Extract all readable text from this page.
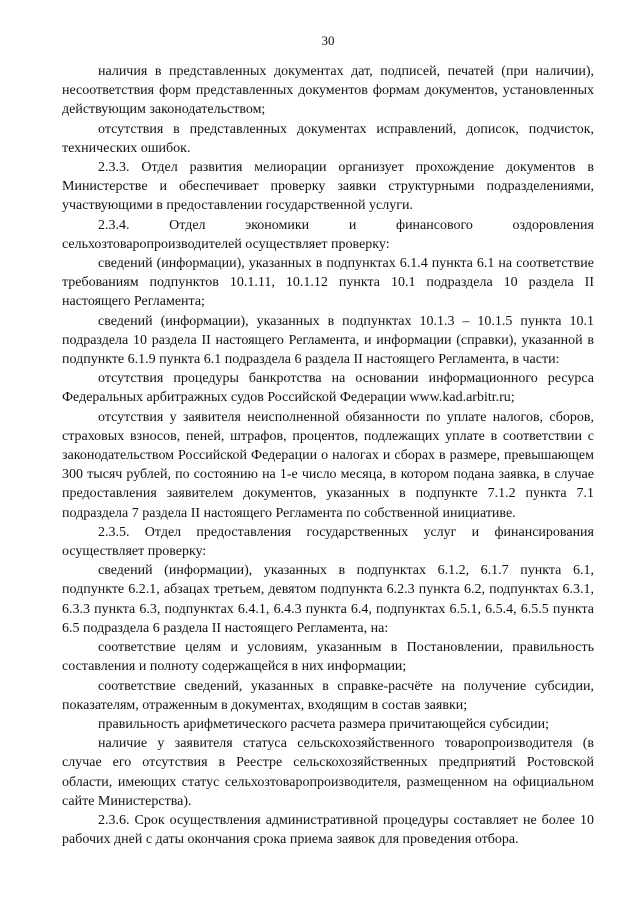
30

наличия в представленных документах дат, подписей, печатей (при наличии), несоответствия форм представленных документов формам документов, установленных действующим законодательством;

отсутствия в представленных документах исправлений, дописок, подчисток, технических ошибок.

2.3.3. Отдел развития мелиорации организует прохождение документов в Министерстве и обеспечивает проверку заявки структурными подразделениями, участвующими в предоставлении государственной услуги.

2.3.4. Отдел экономики и финансового оздоровления сельхозтоваропроизводителей осуществляет проверку:

сведений (информации), указанных в подпунктах 6.1.4 пункта 6.1 на соответствие требованиям подпунктов 10.1.11, 10.1.12 пункта 10.1 подраздела 10 раздела II настоящего Регламента;

сведений (информации), указанных в подпунктах 10.1.3 – 10.1.5 пункта 10.1 подраздела 10 раздела II настоящего Регламента, и информации (справки), указанной в подпункте 6.1.9 пункта 6.1 подраздела 6 раздела II настоящего Регламента, в части:

отсутствия процедуры банкротства на основании информационного ресурса Федеральных арбитражных судов Российской Федерации www.kad.arbitr.ru;

отсутствия у заявителя неисполненной обязанности по уплате налогов, сборов, страховых взносов, пеней, штрафов, процентов, подлежащих уплате в соответствии с законодательством Российской Федерации о налогах и сборах в размере, превышающем 300 тысяч рублей, по состоянию на 1-е число месяца, в котором подана заявка, в случае предоставления заявителем документов, указанных в подпункте 7.1.2 пункта 7.1 подраздела 7 раздела II настоящего Регламента по собственной инициативе.

2.3.5. Отдел предоставления государственных услуг и финансирования осуществляет проверку:

сведений (информации), указанных в подпунктах 6.1.2, 6.1.7 пункта 6.1, подпункте 6.2.1, абзацах третьем, девятом подпункта 6.2.3 пункта 6.2, подпунктах 6.3.1, 6.3.3 пункта 6.3, подпунктах 6.4.1, 6.4.3 пункта 6.4, подпунктах 6.5.1, 6.5.4, 6.5.5 пункта 6.5 подраздела 6 раздела II настоящего Регламента, на:

соответствие целям и условиям, указанным в Постановлении, правильность составления и полноту содержащейся в них информации;

соответствие сведений, указанных в справке-расчёте на получение субсидии, показателям, отраженным в документах, входящим в состав заявки;

правильность арифметического расчета размера причитающейся субсидии;

наличие у заявителя статуса сельскохозяйственного товаропроизводителя (в случае его отсутствия в Реестре сельскохозяйственных предприятий Ростовской области, имеющих статус сельхозтоваропроизводителя, размещенном на официальном сайте Министерства).

2.3.6. Срок осуществления административной процедуры составляет не более 10 рабочих дней с даты окончания срока приема заявок для проведения отбора.
